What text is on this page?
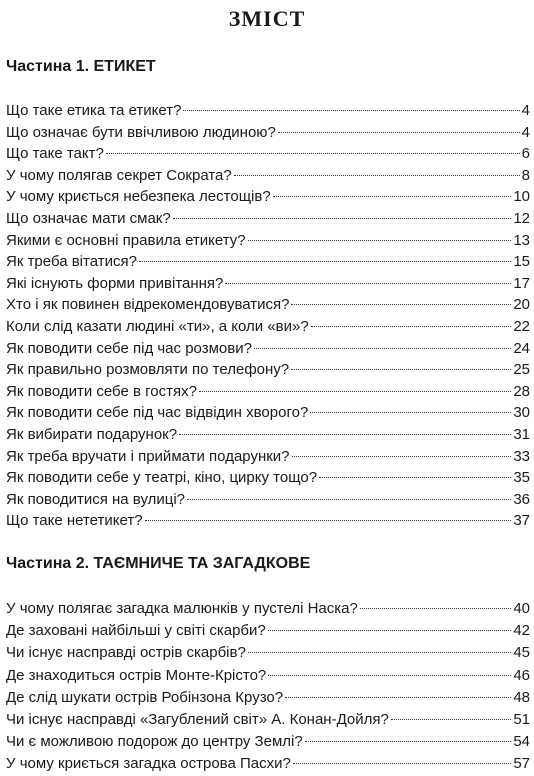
ЗМІСТ
Частина 1. ЕТИКЕТ
Що таке етика та етикет?	4
Що означає бути ввічливою людиною?	4
Що таке такт?	6
У чому полягав секрет Сократа?	8
У чому криється небезпека лестощів?	10
Що означає мати смак?	12
Якими є основні правила етикету?	13
Як треба вітатися?	15
Які існують форми привітання?	17
Хто і як повинен відрекомендовуватися?	20
Коли слід казати людині «ти», а коли «ви»?	22
Як поводити себе під час розмови?	24
Як правильно розмовляти по телефону?	25
Як поводити себе в гостях?	28
Як поводити себе під час відвідин хворого?	30
Як вибирати подарунок?	31
Як треба вручати і приймати подарунки?	33
Як поводити себе у театрі, кіно, цирку тощо?	35
Як поводитися на вулиці?	36
Що таке нететикет?	37
Частина 2. ТАЄМНИЧЕ ТА ЗАГАДКОВЕ
У чому полягає загадка малюнків у пустелі Наска?	40
Де заховані найбільші у світі скарби?	42
Чи існує насправді острів скарбів?	45
Де знаходиться острів Монте-Крісто?	46
Де слід шукати острів Робінзона Крузо?	48
Чи існує насправді «Загублений світ» А. Конан-Дойля?	51
Чи є можливою подорож до центру Землі?	54
У чому криється загадка острова Пасхи?	57
